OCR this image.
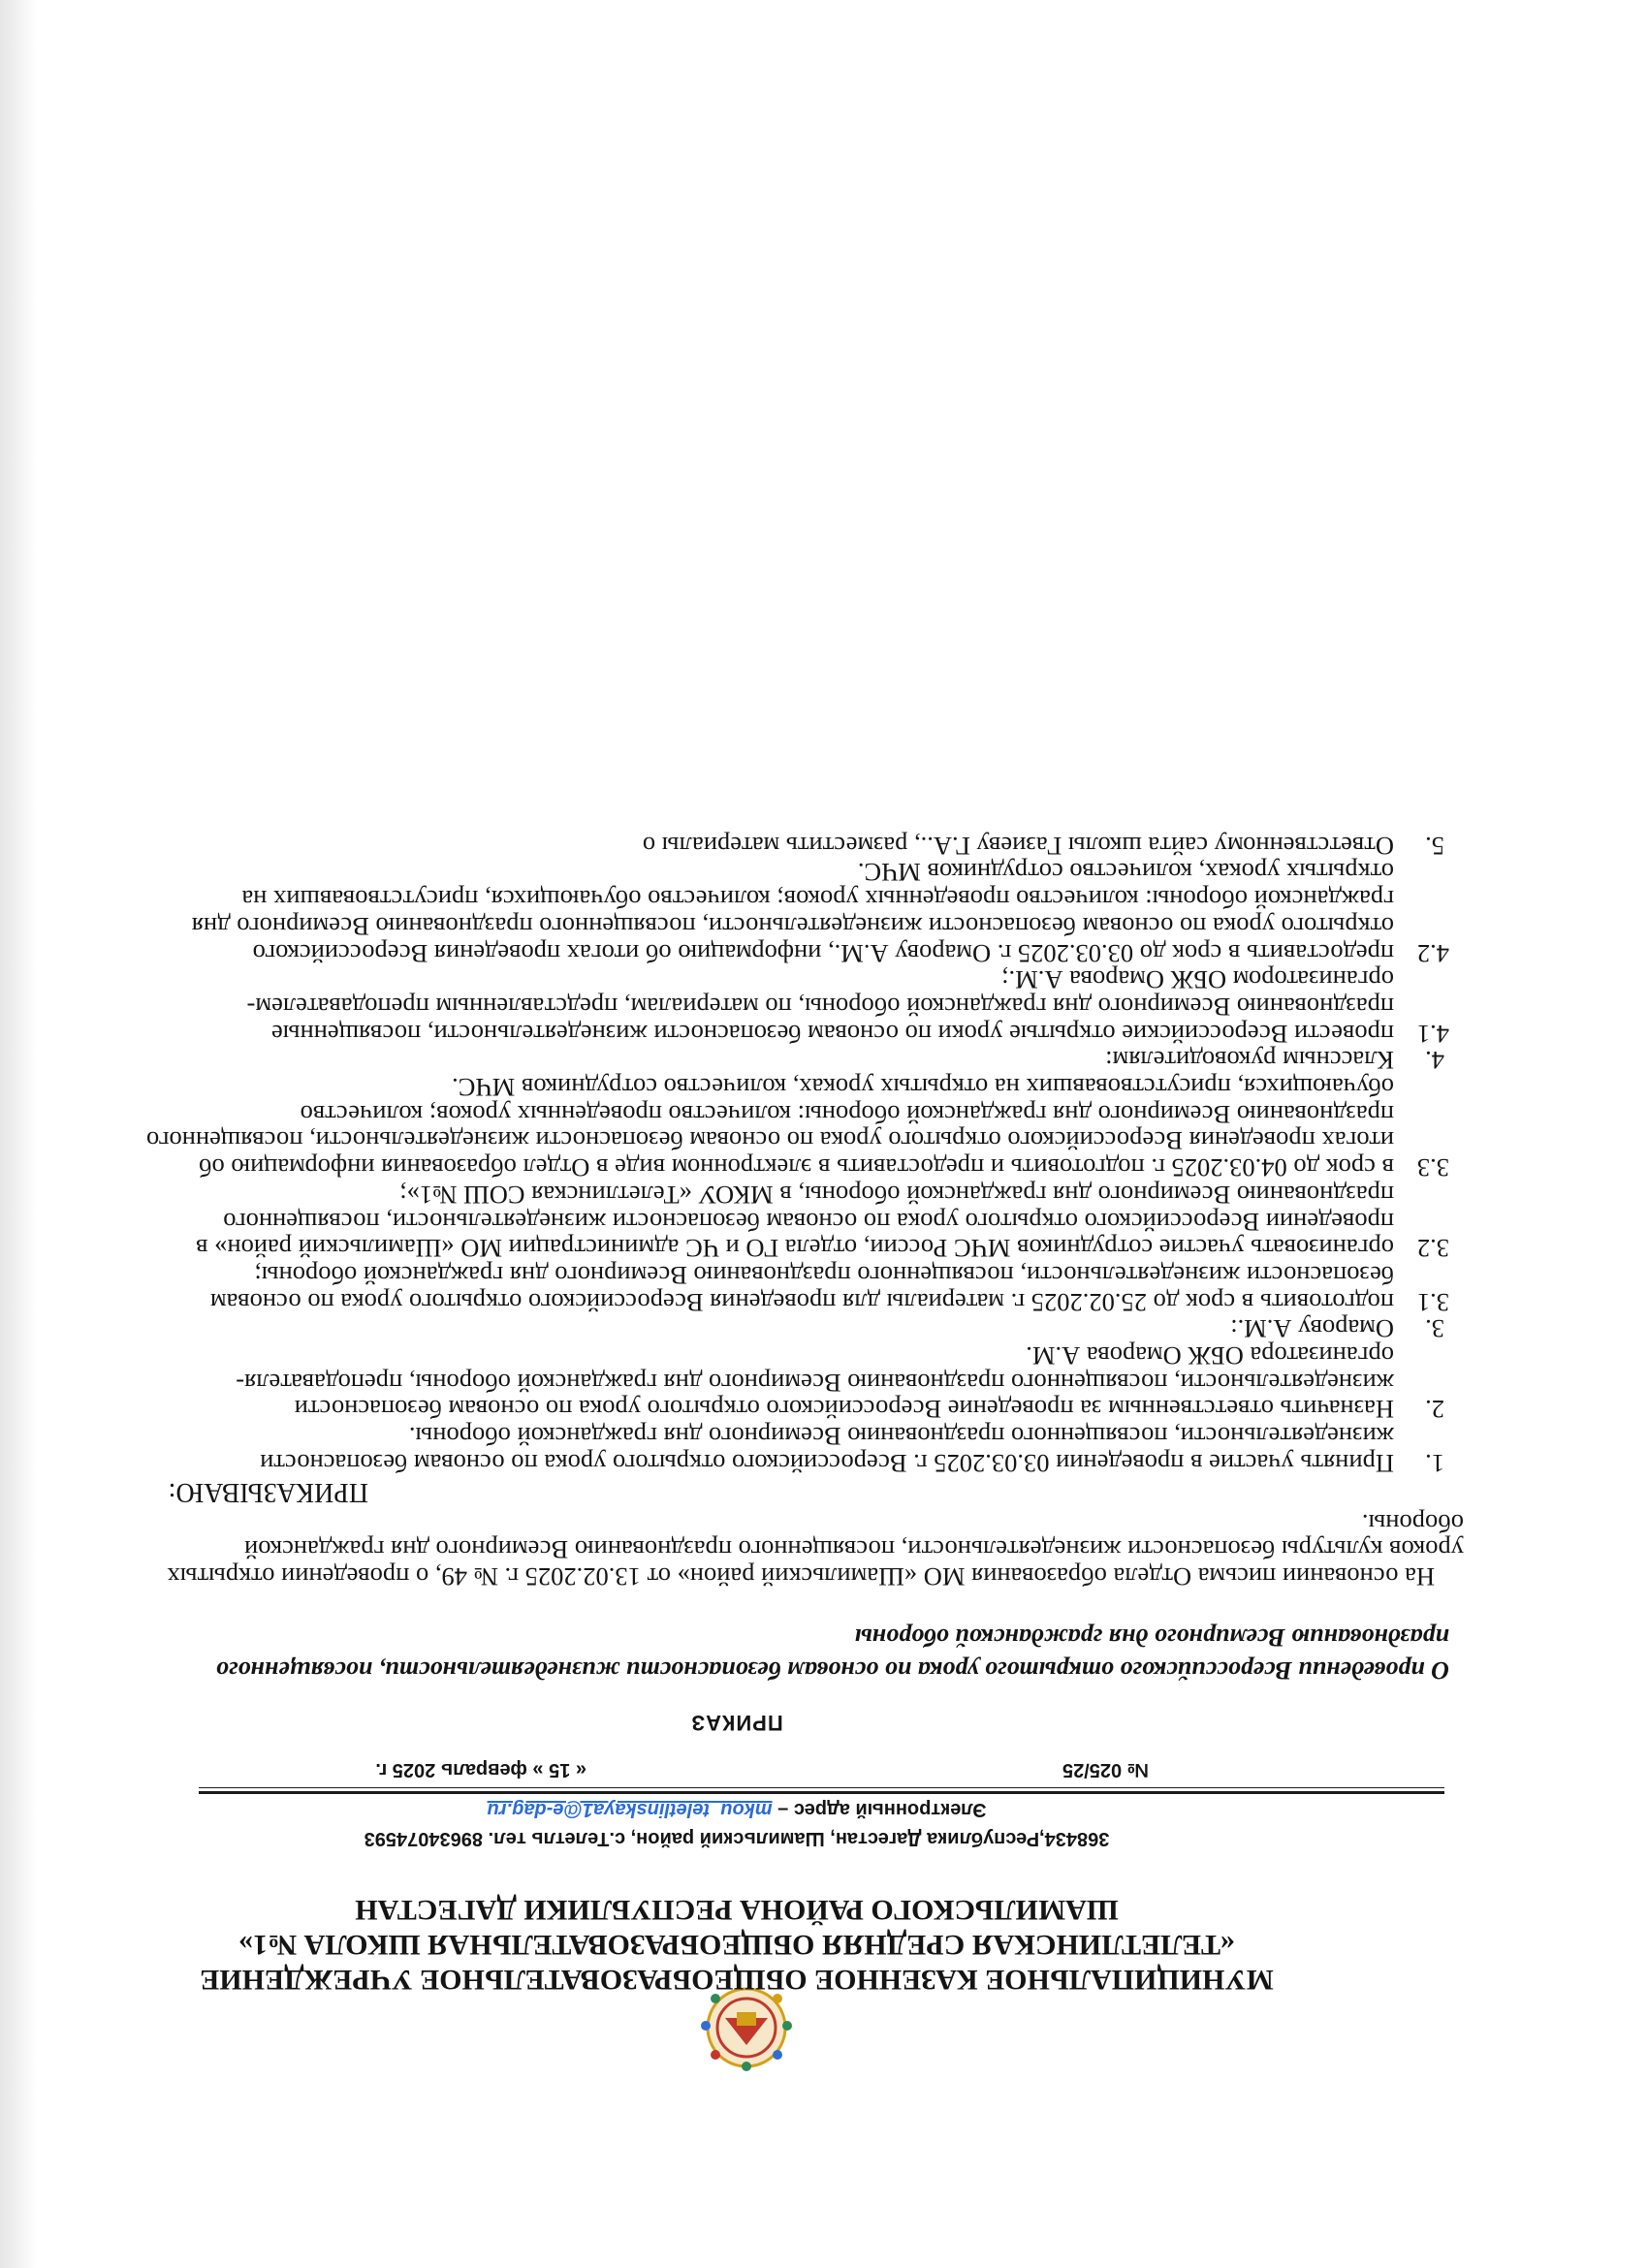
МУНИЦИПАЛЬНОЕ КАЗЕННОЕ ОБЩЕОБРАЗОВАТЕЛЬНОЕ УЧРЕЖДЕНИЕ
«ТЕЛЕТЛИНСКАЯ СРЕДНЯЯ ОБЩЕОБРАЗОВАТЕЛЬНАЯ ШКОЛА №1»
ШАМИЛЬСКОГО РАЙОНА РЕСПУБЛИКИ ДАГЕСТАН
368434,Республика Дагестан, Шамильский район, с.Телетль тел. 89634074593
Электронный адрес – mkou_teletlinskaya1@e-dag.ru
№ 025/25
« 15 » февраль 2025 г.
ПРИКАЗ
О проведении Всероссийского открытого урока по основам безопасности жизнедеятельности, посвященного празднованию Всемирного дня гражданской обороны

На основании письма Отдела образования МО «Шамильский район» от 13.02.2025 г. № 49, о проведении открытых уроков культуры безопасности жизнедеятельности, посвященного празднованию Всемирного дня гражданской обороны.

ПРИКАЗЫВАЮ:

1.
Принять участие в проведении 03.03.2025 г. Всероссийского открытого урока по основам безопасности жизнедеятельности, посвященного празднованию Всемирного дня гражданской обороны.

2.
Назначить ответственным за проведение Всероссийского открытого урока по основам безопасности жизнедеятельности, посвященного празднованию Всемирного дня гражданской обороны, преподавателя-организатора ОБЖ Омарова А.М.

3.
Омарову А.М.:

3.1
подготовить в срок до 25.02.2025 г. материалы для проведения Всероссийского открытого урока по основам безопасности жизнедеятельности, посвященного празднованию Всемирного дня гражданской обороны;

3.2
организовать участие сотрудников МЧС России, отдела ГО и ЧС администрации МО «Шамильский район» в проведении Всероссийского открытого урока по основам безопасности жизнедеятельности, посвященного празднованию Всемирного дня гражданской обороны, в МКОУ «Телетлинская СОШ №1»;

3.3
в срок до 04.03.2025 г. подготовить и предоставить в электронном виде в Отдел образования информацию об итогах проведения Всероссийского открытого урока по основам безопасности жизнедеятельности, посвященного празднованию Всемирного дня гражданской обороны: количество проведенных уроков; количество обучающихся, присутствовавших на открытых уроках, количество сотрудников МЧС.

4.
Классным руководителям:

4.1
провести Всероссийские открытые уроки по основам безопасности жизнедеятельности, посвященные празднованию Всемирного дня гражданской обороны, по материалам, представленным преподавателем-организатором ОБЖ Омарова А.М.;

4.2
предоставить в срок до 03.03.2025 г. Омарову А.М., информацию об итогах проведения Всероссийского открытого урока по основам безопасности жизнедеятельности, посвященного празднованию Всемирного дня гражданской обороны: количество проведенных уроков; количество обучающихся, присутствовавших на открытых уроках, количество сотрудников МЧС.

5.
Ответственному сайта школы Газиеву Г.А.., разместить материалы о
